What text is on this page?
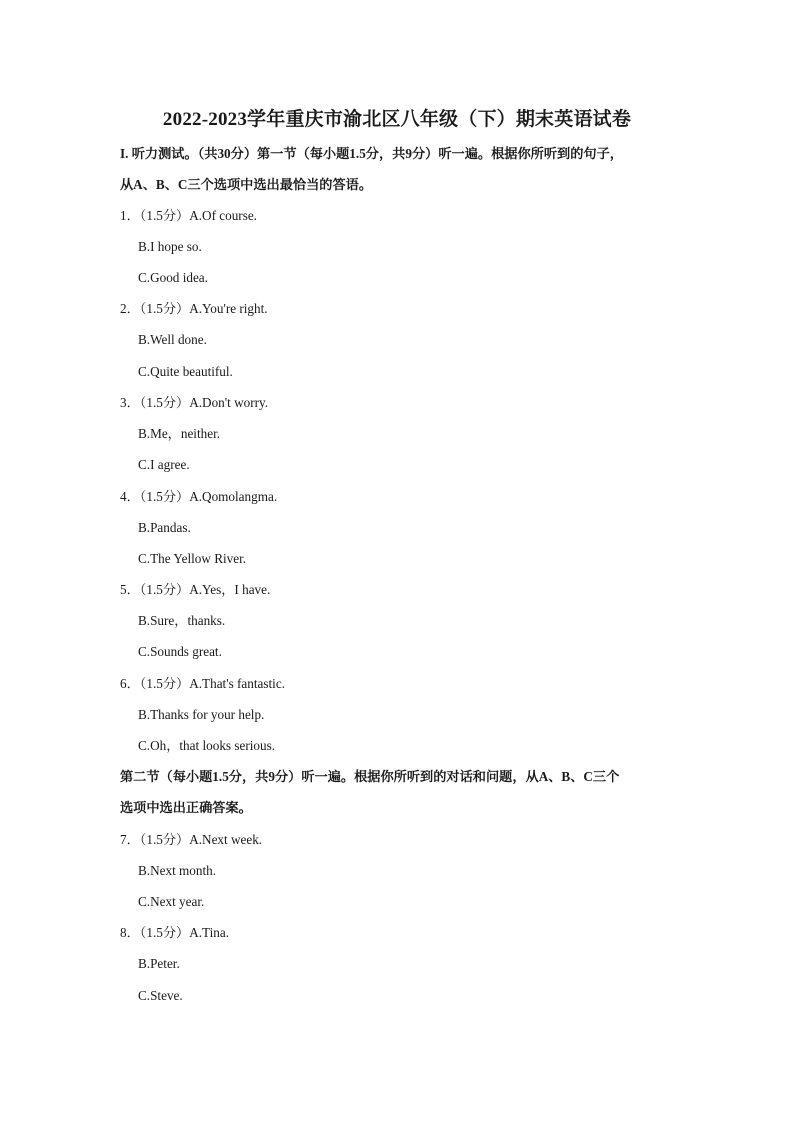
2022-2023学年重庆市渝北区八年级（下）期末英语试卷
I. 听力测试。（共30分）第一节（每小题1.5分，共9分）听一遍。根据你所听到的句子，
从A、B、C三个选项中选出最恰当的答语。
1．（1.5分）A.Of course.
B.I hope so.
C.Good idea.
2．（1.5分）A.You're right.
B.Well done.
C.Quite beautiful.
3．（1.5分）A.Don't worry.
B.Me，neither.
C.I agree.
4．（1.5分）A.Qomolangma.
B.Pandas.
C.The Yellow River.
5．（1.5分）A.Yes，I have.
B.Sure，thanks.
C.Sounds great.
6．（1.5分）A.That's fantastic.
B.Thanks for your help.
C.Oh，that looks serious.
第二节（每小题1.5分，共9分）听一遍。根据你所听到的对话和问题，从A、B、C三个
选项中选出正确答案。
7．（1.5分）A.Next week.
B.Next month.
C.Next year.
8．（1.5分）A.Tina.
B.Peter.
C.Steve.
